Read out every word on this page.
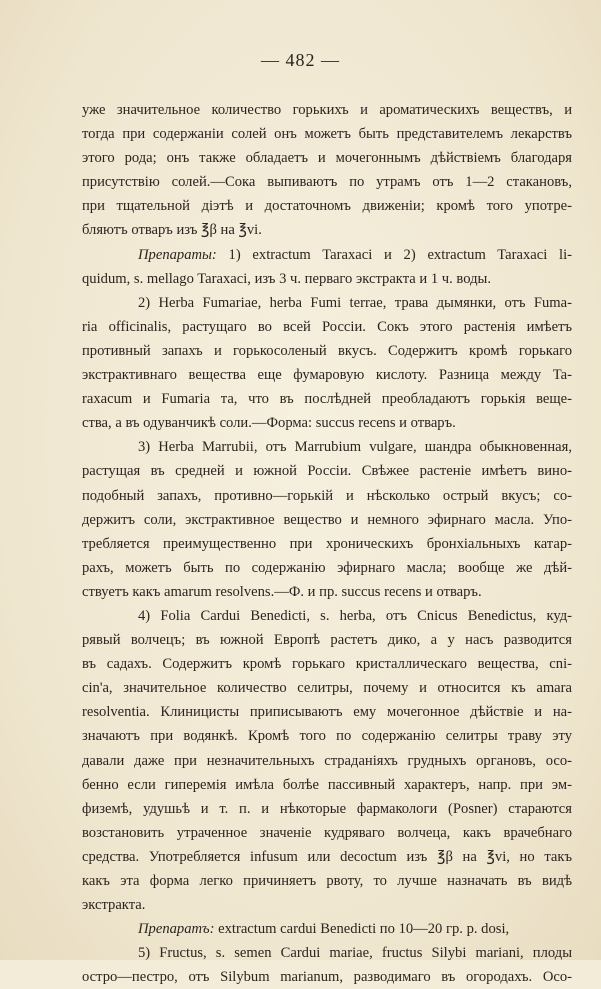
— 482 —
уже значительное количество горькихъ и ароматическихъ веществъ, и
тогда при содержаніи солей онъ можетъ быть представителемъ лекарствъ
этого рода; онъ также обладаетъ и мочегоннымъ дѣйствіемъ благодаря
присутствію солей.—Сока выпиваютъ по утрамъ отъ 1—2 стакановъ,
при тщательной діэтѣ и достаточномъ движеніи; кромѣ того употре-
бляютъ отваръ изъ ℥β на ℥vi.
Препараты: 1) extractum Taraxaci и 2) extractum Taraxaci li-
quidum, s. mellago Taraxaci, изъ 3 ч. перваго экстракта и 1 ч. воды.
2) Herba Fumariae, herba Fumi terrae, трава дымянки, отъ Fuma-
ria officinalis, растущаго во всей Россіи. Сокъ этого растенія имѣетъ
противный запахъ и горькосоленый вкусъ. Содержитъ кромѣ горькаго
экстрактивнаго вещества еще фумаровую кислоту. Разница между Ta-
raxacum и Fumaria та, что въ послѣдней преобладаютъ горькія веще-
ства, а въ одуванчикѣ соли.—Форма: succus recens и отваръ.
3) Herba Marrubii, отъ Marrubium vulgare, шандра обыкновенная,
растущая въ средней и южной Россіи. Свѣжее растеніе имѣетъ вино-
подобный запахъ, противно—горькій и нѣсколько острый вкусъ; со-
держитъ соли, экстрактивное вещество и немного эфирнаго масла. Упо-
требляется преимущественно при хроническихъ бронхіальныхъ катар-
рахъ, можетъ быть по содержанію эфирнаго масла; вообще же дѣй-
ствуетъ какъ amarum resolvens.—Ф. и пр. succus recens и отваръ.
4) Folia Cardui Benedicti, s. herba, отъ Cnicus Benedictus, куд-
рявый волчецъ; въ южной Европѣ растетъ дико, а у насъ разводится
въ садахъ. Содержитъ кромѣ горькаго кристаллическаго вещества, cni-
cin'a, значительное количество селитры, почему и относится къ amara
resolventia. Клиницисты приписываютъ ему мочегонное дѣйствіе и на-
значаютъ при водянкѣ. Кромѣ того по содержанію селитры траву эту
давали даже при незначительныхъ страданіяхъ грудныхъ органовъ, осо-
бенно если гиперемія имѣла болѣе пассивный характеръ, напр. при эм-
физемѣ, удушьѣ и т. п. и нѣкоторые фармакологи (Posner) стараются
возстановить утраченное значеніе кудряваго волчеца, какъ врачебнаго
средства. Употребляется infusum или decoctum изъ ℥β на ℥vi, но такъ
какъ эта форма легко причиняетъ рвоту, то лучше назначать въ видѣ
экстракта.
Препаратъ: extractum cardui Benedicti по 10—20 гр. p. dosi,
5) Fructus, s. semen Cardui mariae, fructus Silybi mariani, плоды
остро—пестро, отъ Silybum marianum, разводимаго въ огородахъ. Осо-
